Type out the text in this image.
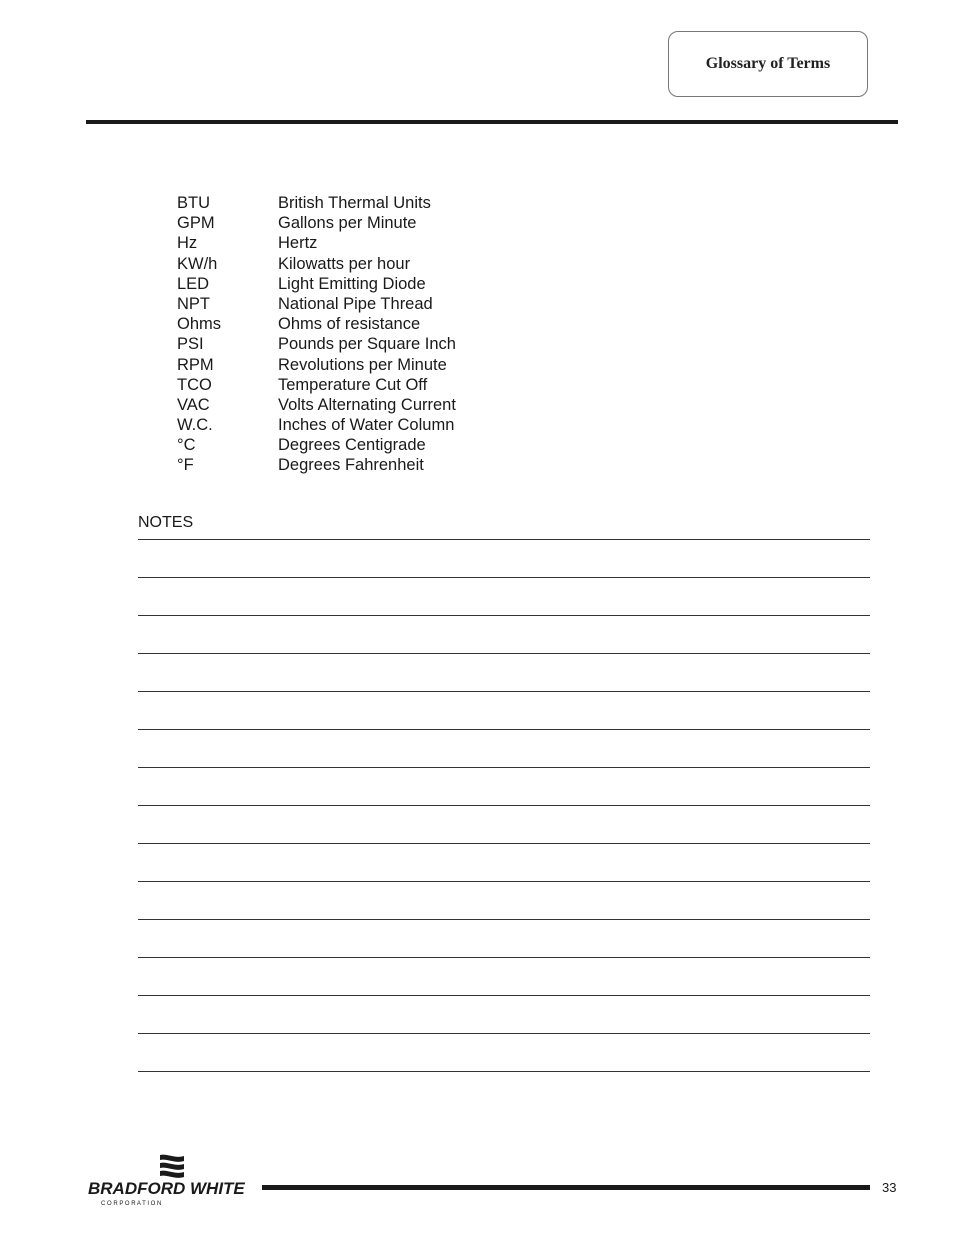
Glossary of Terms
BTU	British Thermal Units
GPM	Gallons per Minute
Hz	Hertz
KW/h	Kilowatts per hour
LED	Light Emitting Diode
NPT	National Pipe Thread
Ohms	Ohms of resistance
PSI	Pounds per Square Inch
RPM	Revolutions per Minute
TCO	Temperature Cut Off
VAC	Volts Alternating Current
W.C.	Inches of Water Column
°C	Degrees Centigrade
°F	Degrees Fahrenheit
NOTES
BRADFORD WHITE
C O R P O R A T I O N
33
